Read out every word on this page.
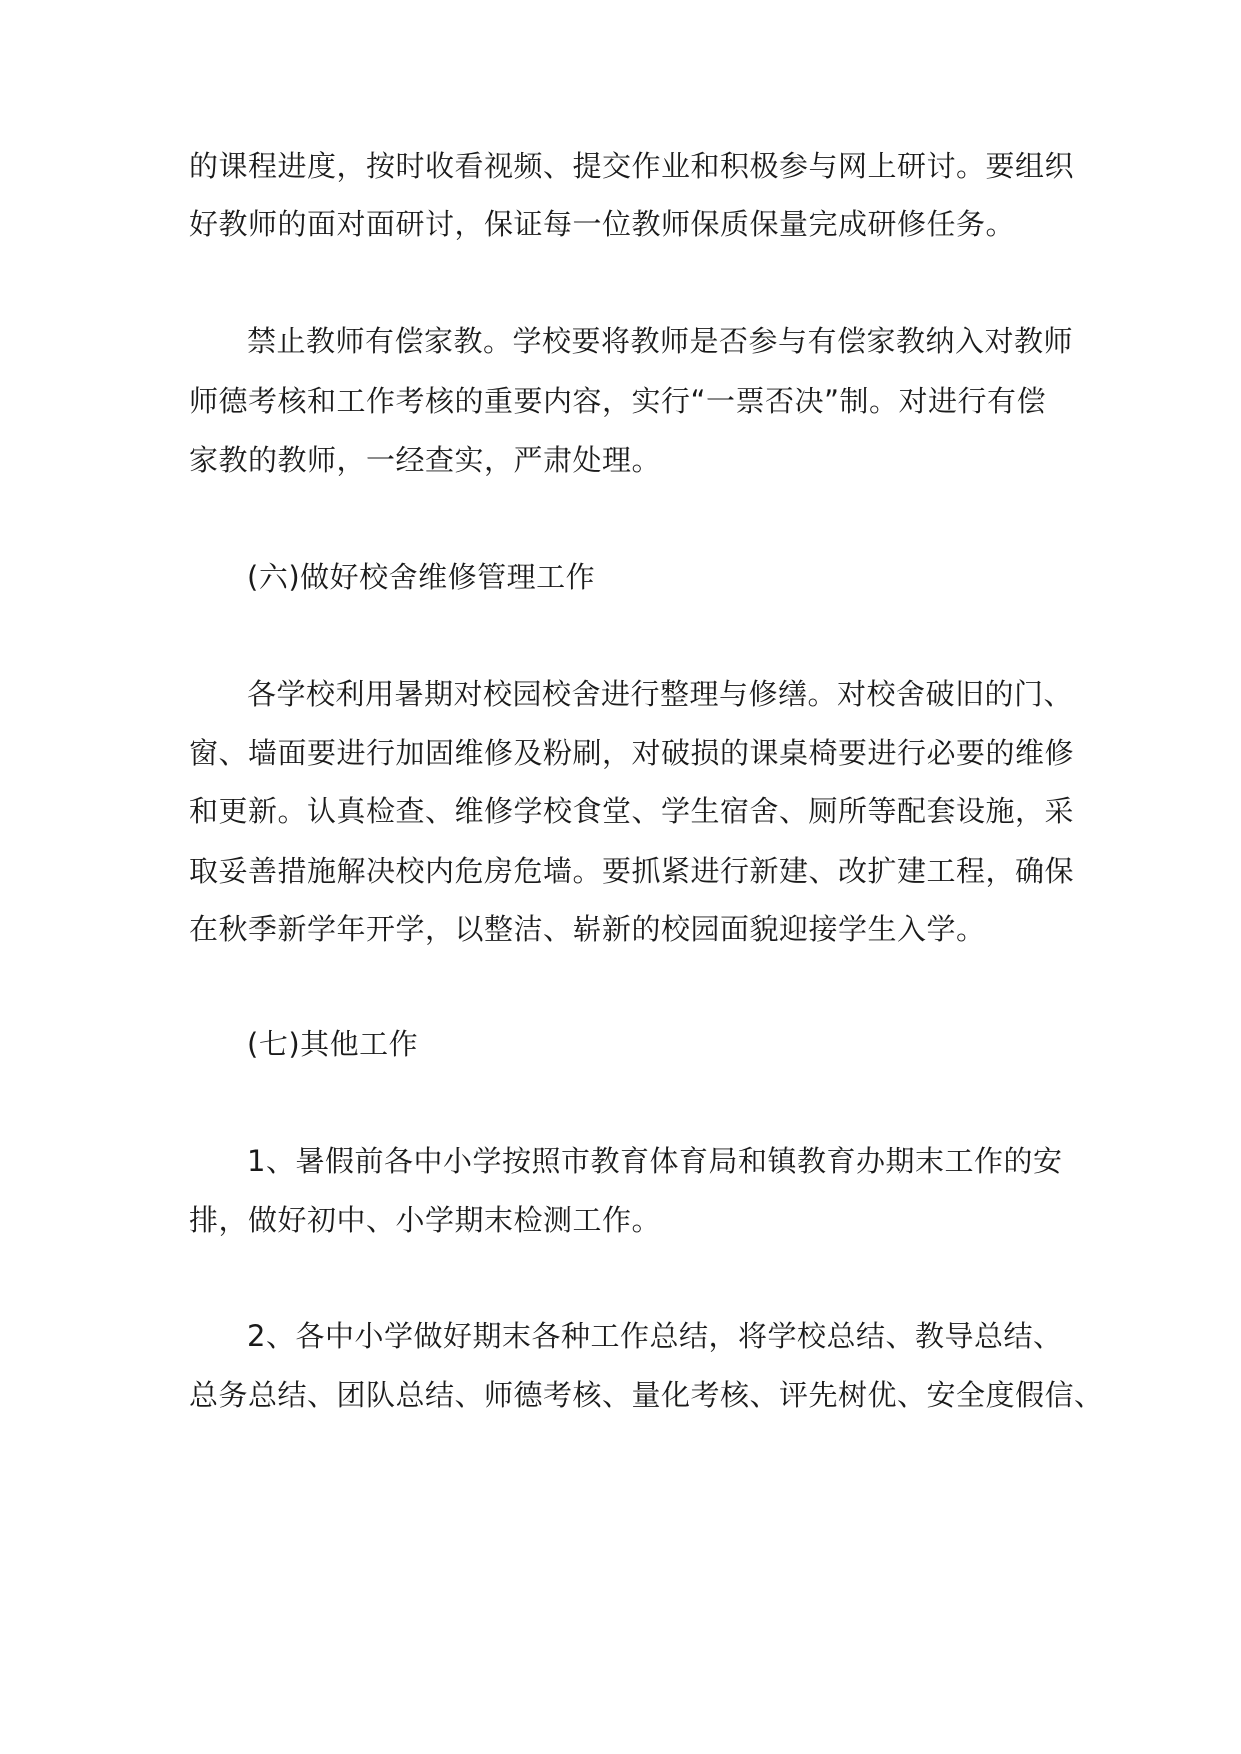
的课程进度，按时收看视频、提交作业和积极参与网上研讨。要组织
好教师的面对面研讨，保证每一位教师保质保量完成研修任务。
禁止教师有偿家教。学校要将教师是否参与有偿家教纳入对教师
师德考核和工作考核的重要内容，实行“一票否决”制。对进行有偿
家教的教师，一经查实，严肃处理。
(六)做好校舍维修管理工作
各学校利用暑期对校园校舍进行整理与修缮。对校舍破旧的门、
窗、墙面要进行加固维修及粉刷，对破损的课桌椅要进行必要的维修
和更新。认真检查、维修学校食堂、学生宿舍、厕所等配套设施，采
取妥善措施解决校内危房危墙。要抓紧进行新建、改扩建工程，确保
在秋季新学年开学，以整洁、崭新的校园面貌迎接学生入学。
(七)其他工作
1、暑假前各中小学按照市教育体育局和镇教育办期末工作的安
排，做好初中、小学期末检测工作。
2、各中小学做好期末各种工作总结，将学校总结、教导总结、
总务总结、团队总结、师德考核、量化考核、评先树优、安全度假信、
